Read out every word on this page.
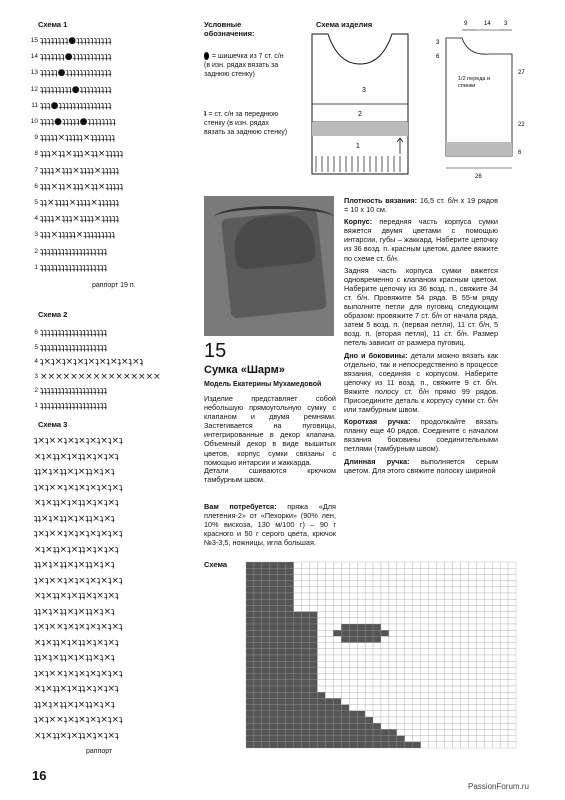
Схема 1
15 ʇʇʇʇʇʇʇʇ●ʇʇʇʇʇʇʇʇʇʇ
14 ʇʇʇʇʇʇʇ●ʇʇʇʇʇʇʇʇʇʇʇ
13 ʇʇʇʇʇ●ʇʇʇʇʇʇʇʇʇʇʇʇʇ
12 ʇʇʇʇʇʇʇʇʇ●ʇʇʇʇʇʇʇʇʇ
11 ʇʇʇ●ʇʇʇʇʇʇʇʇʇʇʇʇʇʇʇ
10 ʇʇʇʇ●ʇʇʇʇʇ●ʇʇʇʇʇʇʇʇ
9 ʇʇʇʇʇ×ʇʇʇʇʇ×ʇʇʇʇʇʇʇ
8 ʇʇʇ×ʇʇ×ʇʇʇ×ʇʇ×ʇʇʇʇʇ
7 ʇʇʇʇ×ʇʇʇ×ʇʇʇʇ×ʇʇʇʇʇ
6 ʇʇʇ×ʇʇ×ʇʇʇ×ʇʇ×ʇʇʇʇʇ
5 ʇʇ×ʇʇʇʇ×ʇʇʇʇ×ʇʇʇʇʇʇ
4 ʇʇʇʇ×ʇʇʇ×ʇʇʇʇ×ʇʇʇʇʇ
3 ʇʇʇ×ʇʇʇʇʇ×ʇʇʇʇʇʇʇʇʇ
2 ʇʇʇʇʇʇʇʇʇʇʇʇʇʇʇʇʇʇʇ
1 ʇʇʇʇʇʇʇʇʇʇʇʇʇʇʇʇʇʇʇ
раппорт 19 п.
Схема 2
6 ʇʇʇʇʇʇʇʇʇʇʇʇʇʇʇʇʇʇʇ
5 ʇʇʇʇʇʇʇʇʇʇʇʇʇʇʇʇʇʇʇ
4 ʇ×ʇ×ʇ×ʇ×ʇ×ʇ×ʇ×ʇ×ʇ×ʇ
3 ××××××××××××××××
2 ʇʇʇʇʇʇʇʇʇʇʇʇʇʇʇʇʇʇʇ
1 ʇʇʇʇʇʇʇʇʇʇʇʇʇʇʇʇʇʇʇ
Схема 3
ʇ×ʇ××ʇ×ʇ×ʇ×ʇ×ʇ×ʇ
×ʇ×ʇʇ×ʇ×ʇʇ×ʇ×ʇ×ʇ
ʇʇ×ʇ×ʇʇ×ʇ×ʇʇ×ʇ×ʇ
ʇ×ʇ××ʇ×ʇ×ʇ×ʇ×ʇ×ʇ
×ʇ×ʇʇ×ʇ×ʇʇ×ʇ×ʇ×ʇ
ʇʇ×ʇ×ʇʇ×ʇ×ʇʇ×ʇ×ʇ
ʇ×ʇ××ʇ×ʇ×ʇ×ʇ×ʇ×ʇ
×ʇ×ʇʇ×ʇ×ʇʇ×ʇ×ʇ×ʇ
ʇʇ×ʇ×ʇʇ×ʇ×ʇʇ×ʇ×ʇ
ʇ×ʇ××ʇ×ʇ×ʇ×ʇ×ʇ×ʇ
×ʇ×ʇʇ×ʇ×ʇʇ×ʇ×ʇ×ʇ
ʇʇ×ʇ×ʇʇ×ʇ×ʇʇ×ʇ×ʇ
ʇ×ʇ××ʇ×ʇ×ʇ×ʇ×ʇ×ʇ
×ʇ×ʇʇ×ʇ×ʇʇ×ʇ×ʇ×ʇ
ʇʇ×ʇ×ʇʇ×ʇ×ʇʇ×ʇ×ʇ
ʇ×ʇ××ʇ×ʇ×ʇ×ʇ×ʇ×ʇ
×ʇ×ʇʇ×ʇ×ʇʇ×ʇ×ʇ×ʇ
ʇʇ×ʇ×ʇʇ×ʇ×ʇʇ×ʇ×ʇ
ʇ×ʇ××ʇ×ʇ×ʇ×ʇ×ʇ×ʇ
×ʇ×ʇʇ×ʇ×ʇʇ×ʇ×ʇ×ʇ
раппорт
Условные обозначения:
= шишечка из 7 ст. с/н (в изн. рядах вязать за заднюю стенку)
ʇ = ст. с/н за переднюю стенку (в изн. рядах вязать за заднюю стенку)
Схема изделия
3
2
1
9	14 3
3
6
27
22
6
26
1/2 переда и спинки
15
Сумка «Шарм»
Модель Екатерины Мухамедовой
Изделие представляет собой небольшую прямоугольную сумку с клапаном и двумя ремнями. Застегивается на пуговицы, интегрированные в декор клапана. Объемный декор в виде вышитых цветов, корпус сумки связаны с помощью интарсии и жаккарда.
Детали сшиваются крючком тамбурным швом.
Вам потребуется: пряжа «Для плетения-2» от «Пехорки» (90% лен, 10% вискоза, 130 м/100 г) – 90 г красного и 50 г серого цвета, крючок №3-3,5, ножницы, игла большая.
Плотность вязания: 16,5 ст. б/н х 19 рядов = 10 х 10 см.
Корпус: передняя часть корпуса сумки вяжется двумя цветами с помощью интарсии, губы – жаккард. Наберите цепочку из 36 возд. п. красным цветом, далее вяжите по схеме ст. б/н.
Задняя часть корпуса сумки вяжется одновременно с клапаном красным цветом. Наберите цепочку из 36 возд. п., свяжите 34 ст. б/н. Провяжите 54 ряда. В 55-м ряду выполните петли для пуговиц следующим образом: провяжите 7 ст. б/н от начала ряда, затем 5 возд. п. (первая петля), 11 ст. б/н, 5 возд. п. (вторая петля), 11 ст. б/н. Размер петель зависит от размера пуговиц.
Дно и боковины: детали можно вязать как отдельно, так и непосредственно в процессе вязания, соединяя с корпусом. Наберите цепочку из 11 возд. п., свяжите 9 ст. б/н. Вяжите полосу ст. б/н прямо 99 рядов. Присоедините деталь к корпусу сумки ст. б/н или тамбурным швом.
Короткая ручка: продолжайте вязать планку еще 40 рядов. Соедините с началом вязания боковины соединительными петлями (тамбурным швом).
Длинная ручка: выполняется серым цветом. Для этого свяжите полоску шириной
Схема
16
PassionForum.ru
